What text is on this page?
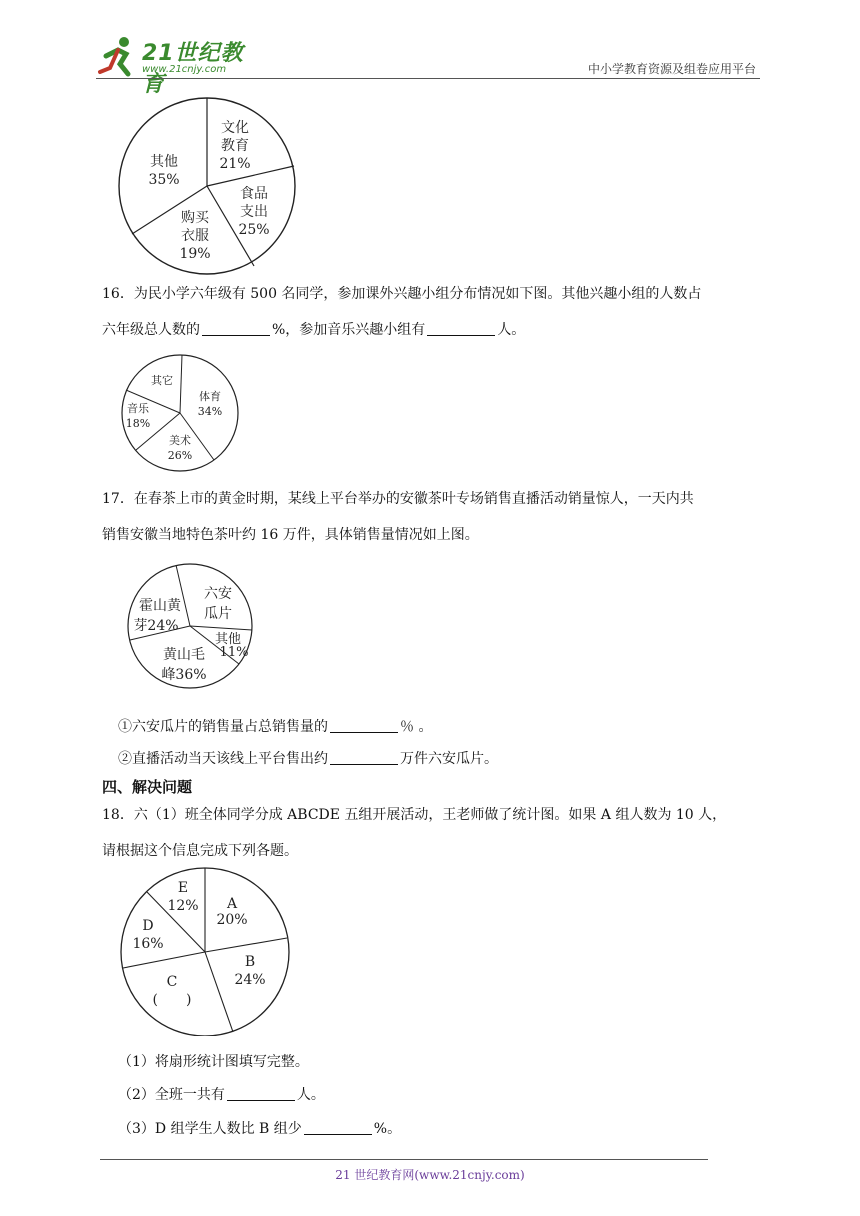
21世纪教育
www.21cnjy.com	中小学教育资源及组卷应用平台
文化
教育
21%
食品
支出
25%
购买
衣服
19%
其他
35%
16．为民小学六年级有 500 名同学，参加课外兴趣小组分布情况如下图。其他兴趣小组的人数占
六年级总人数的	%，参加音乐兴趣小组有	人。
其它
体育
34%
美术
26%
音乐
18%
17．在春茶上市的黄金时期，某线上平台举办的安徽茶叶专场销售直播活动销量惊人，一天内共
销售安徽当地特色茶叶约 16 万件，具体销售量情况如上图。
六安
瓜片
其他
11%
黄山毛
峰36%
霍山黄
芽24%
①六安瓜片的销售量占总销售量的	％ 。
②直播活动当天该线上平台售出约	万件六安瓜片。
四、解决问题
18．六（1）班全体同学分成 ABCDE 五组开展活动，王老师做了统计图。如果 A 组人数为 10 人，
请根据这个信息完成下列各题。
A
20%
B
24%
C
(　　)
D
16%
E
12%
（1）将扇形统计图填写完整。
（2）全班一共有	人。
（3）D 组学生人数比 B 组少	%。
21 世纪教育网(www.21cnjy.com)
